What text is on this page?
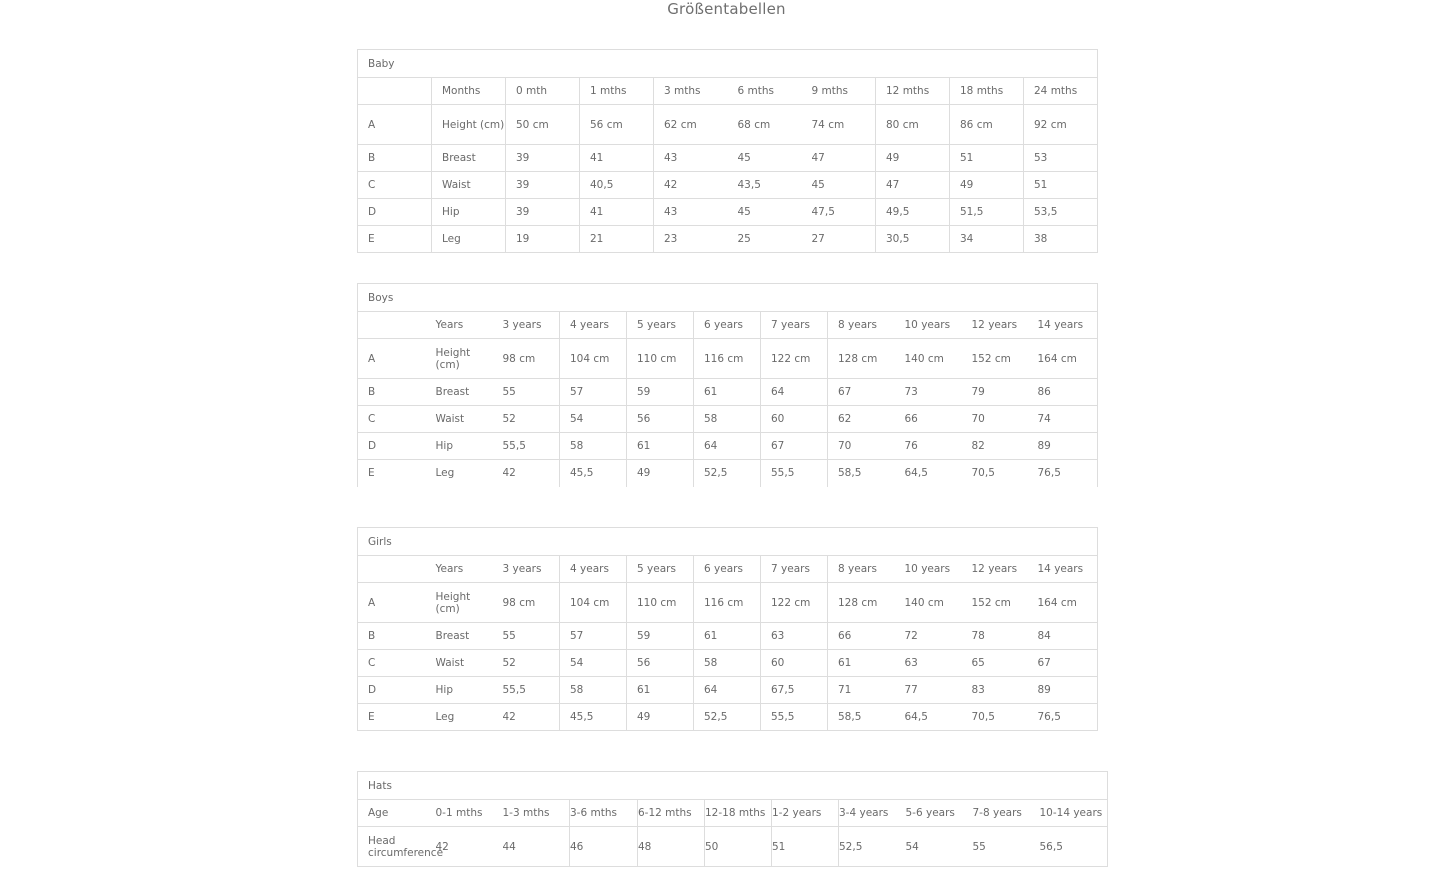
Größentabellen
Baby									
	Months	0 mth	1 mths	3 mths	6 mths	9 mths	12 mths	18 mths	24 mths
A	Height (cm)	50 cm	56 cm	62 cm	68 cm	74 cm	80 cm	86 cm	92 cm
B	Breast	39	41	43	45	47	49	51	53
C	Waist	39	40,5	42	43,5	45	47	49	51
D	Hip	39	41	43	45	47,5	49,5	51,5	53,5
E	Leg	19	21	23	25	27	30,5	34	38
Boys										
	Years	3 years	4 years	5 years	6 years	7 years	8 years	10 years	12 years	14 years
A	Height (cm)	98 cm	104 cm	110 cm	116 cm	122 cm	128 cm	140 cm	152 cm	164 cm
B	Breast	55	57	59	61	64	67	73	79	86
C	Waist	52	54	56	58	60	62	66	70	74
D	Hip	55,5	58	61	64	67	70	76	82	89
E	Leg	42	45,5	49	52,5	55,5	58,5	64,5	70,5	76,5
Girls										
	Years	3 years	4 years	5 years	6 years	7 years	8 years	10 years	12 years	14 years
A	Height (cm)	98 cm	104 cm	110 cm	116 cm	122 cm	128 cm	140 cm	152 cm	164 cm
B	Breast	55	57	59	61	63	66	72	78	84
C	Waist	52	54	56	58	60	61	63	65	67
D	Hip	55,5	58	61	64	67,5	71	77	83	89
E	Leg	42	45,5	49	52,5	55,5	58,5	64,5	70,5	76,5
Hats										
Age	0-1 mths	1-3 mths	3-6 mths	6-12 mths	12-18 mths	1-2 years	3-4 years	5-6 years	7-8 years	10-14 years
Head circumference	42	44	46	48	50	51	52,5	54	55	56,5
